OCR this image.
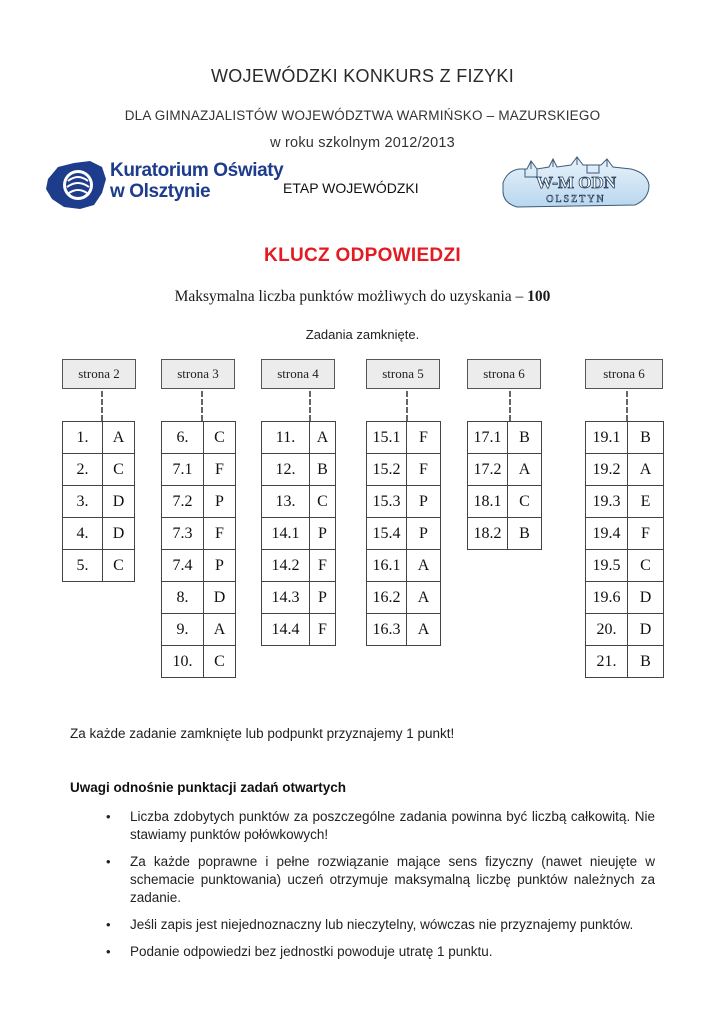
WOJEWÓDZKI KONKURS Z FIZYKI
DLA GIMNAZJALISTÓW WOJEWÓDZTWA WARMIŃSKO – MAZURSKIEGO
w roku szkolnym 2012/2013
Kuratorium Oświaty
w Olsztynie	ETAP WOJEWÓDZKI	W-M ODN
OLSZTYN
KLUCZ ODPOWIEDZI
Maksymalna liczba punktów możliwych do uzyskania – 100
Zadania zamknięte.
strona 2	strona 3	strona 4	strona 5	strona 6	strona 6
1.	A
2.	C
3.	D
4.	D
5.	C
6.	C
7.1	F
7.2	P
7.3	F
7.4	P
8.	D
9.	A
10.	C
11.	A
12.	B
13.	C
14.1	P
14.2	F
14.3	P
14.4	F
15.1	F
15.2	F
15.3	P
15.4	P
16.1	A
16.2	A
16.3	A
17.1	B
17.2	A
18.1	C
18.2	B
19.1	B
19.2	A
19.3	E
19.4	F
19.5	C
19.6	D
20.	D
21.	B
Za każde zadanie zamknięte lub podpunkt przyznajemy 1 punkt!
Uwagi odnośnie punktacji zadań otwartych
• Liczba zdobytych punktów za poszczególne zadania powinna być liczbą całkowitą. Nie stawiamy punktów połówkowych!
• Za każde poprawne i pełne rozwiązanie mające sens fizyczny (nawet nieujęte w schemacie punktowania) uczeń otrzymuje maksymalną liczbę punktów należnych za zadanie.
• Jeśli zapis jest niejednoznaczny lub nieczytelny, wówczas nie przyznajemy punktów.
• Podanie odpowiedzi bez jednostki powoduje utratę 1 punktu.
